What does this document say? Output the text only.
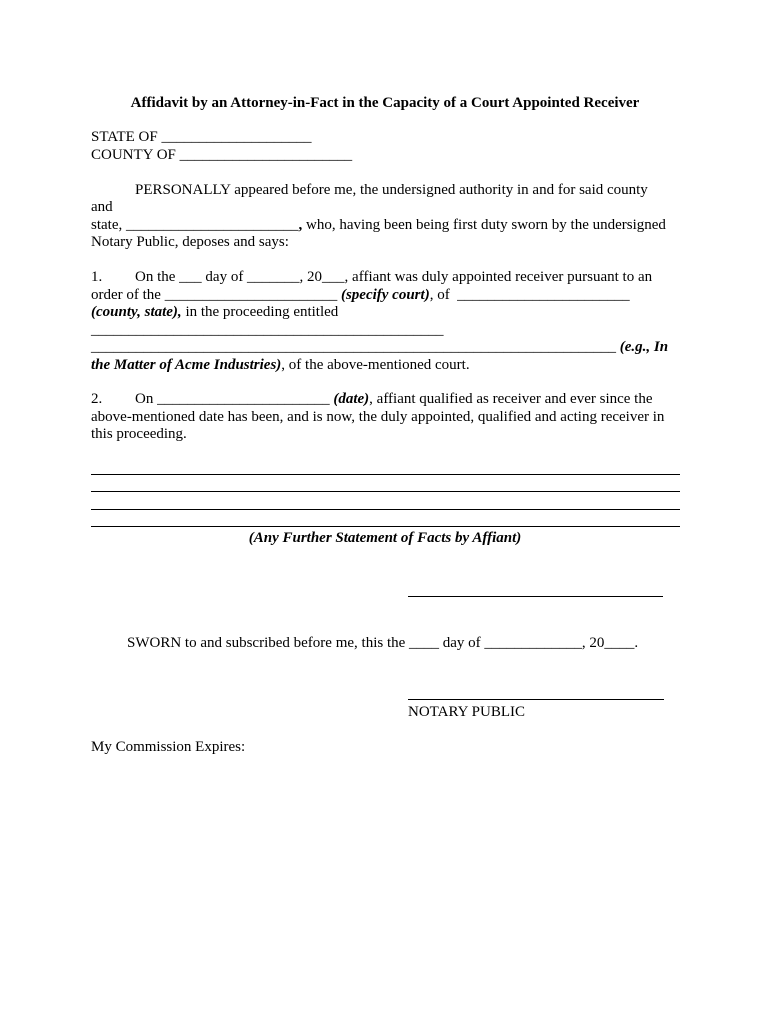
Affidavit by an Attorney-in-Fact in the Capacity of a Court Appointed Receiver
STATE OF ____________________
COUNTY OF _______________________
PERSONALLY appeared before me, the undersigned authority in and for said county
and
state, _______________________, who, having been being first duty sworn by the undersigned
Notary Public, deposes and says:
1. On the ___ day of _______, 20___, affiant was duly appointed receiver pursuant to an
order of the _______________________ (specify court), of  _______________________
(county, state), in the proceeding entitled
_______________________________________________
______________________________________________________________________ (e.g., In
the Matter of Acme Industries), of the above-mentioned court.
2. On _______________________ (date), affiant qualified as receiver and ever since the
above-mentioned date has been, and is now, the duly appointed, qualified and acting receiver in
this proceeding.
(Any Further Statement of Facts by Affiant)
SWORN to and subscribed before me, this the ____ day of _____________, 20____.
NOTARY PUBLIC
My Commission Expires:
